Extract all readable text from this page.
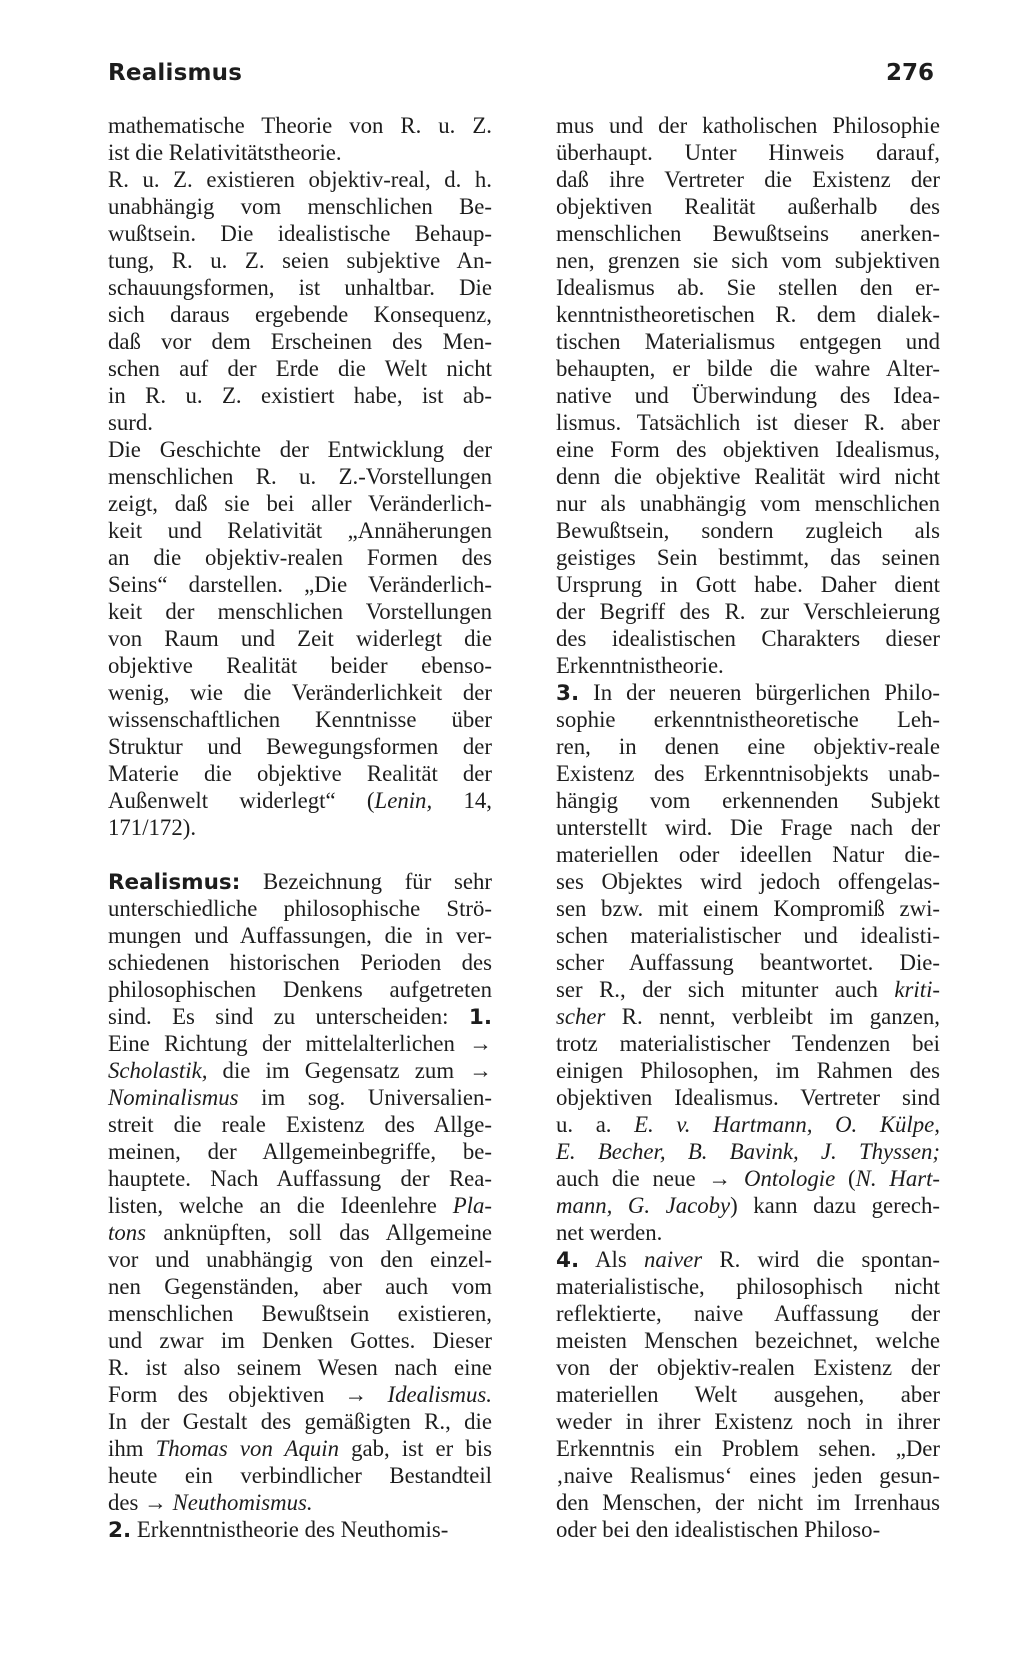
Realismus	276
mathematische Theorie von R. u. Z.
ist die Relativitätstheorie.
R. u. Z. existieren objektiv-real, d. h.
unabhängig vom menschlichen Be-
wußtsein. Die idealistische Behaup-
tung, R. u. Z. seien subjektive An-
schauungsformen, ist unhaltbar. Die
sich daraus ergebende Konsequenz,
daß vor dem Erscheinen des Men-
schen auf der Erde die Welt nicht
in R. u. Z. existiert habe, ist ab-
surd.
Die Geschichte der Entwicklung der
menschlichen R. u. Z.-Vorstellungen
zeigt, daß sie bei aller Veränderlich-
keit und Relativität „Annäherungen
an die objektiv-realen Formen des
Seins“ darstellen. „Die Veränderlich-
keit der menschlichen Vorstellungen
von Raum und Zeit widerlegt die
objektive Realität beider ebenso-
wenig, wie die Veränderlichkeit der
wissenschaftlichen Kenntnisse über
Struktur und Bewegungsformen der
Materie die objektive Realität der
Außenwelt widerlegt“ (Lenin, 14,
171/172).
Realismus: Bezeichnung für sehr
unterschiedliche philosophische Strö-
mungen und Auffassungen, die in ver-
schiedenen historischen Perioden des
philosophischen Denkens aufgetreten
sind. Es sind zu unterscheiden: 1.
Eine Richtung der mittelalterlichen →
Scholastik, die im Gegensatz zum →
Nominalismus im sog. Universalien-
streit die reale Existenz des Allge-
meinen, der Allgemeinbegriffe, be-
hauptete. Nach Auffassung der Rea-
listen, welche an die Ideenlehre Pla-
tons anknüpften, soll das Allgemeine
vor und unabhängig von den einzel-
nen Gegenständen, aber auch vom
menschlichen Bewußtsein existieren,
und zwar im Denken Gottes. Dieser
R. ist also seinem Wesen nach eine
Form des objektiven → Idealismus.
In der Gestalt des gemäßigten R., die
ihm Thomas von Aquin gab, ist er bis
heute ein verbindlicher Bestandteil
des → Neuthomismus.
2. Erkenntnistheorie des Neuthomis-
mus und der katholischen Philosophie
überhaupt. Unter Hinweis darauf,
daß ihre Vertreter die Existenz der
objektiven Realität außerhalb des
menschlichen Bewußtseins anerken-
nen, grenzen sie sich vom subjektiven
Idealismus ab. Sie stellen den er-
kenntnistheoretischen R. dem dialek-
tischen Materialismus entgegen und
behaupten, er bilde die wahre Alter-
native und Überwindung des Idea-
lismus. Tatsächlich ist dieser R. aber
eine Form des objektiven Idealismus,
denn die objektive Realität wird nicht
nur als unabhängig vom menschlichen
Bewußtsein, sondern zugleich als
geistiges Sein bestimmt, das seinen
Ursprung in Gott habe. Daher dient
der Begriff des R. zur Verschleierung
des idealistischen Charakters dieser
Erkenntnistheorie.
3. In der neueren bürgerlichen Philo-
sophie erkenntnistheoretische Leh-
ren, in denen eine objektiv-reale
Existenz des Erkenntnisobjekts unab-
hängig vom erkennenden Subjekt
unterstellt wird. Die Frage nach der
materiellen oder ideellen Natur die-
ses Objektes wird jedoch offengelas-
sen bzw. mit einem Kompromiß zwi-
schen materialistischer und idealisti-
scher Auffassung beantwortet. Die-
ser R., der sich mitunter auch kriti-
scher R. nennt, verbleibt im ganzen,
trotz materialistischer Tendenzen bei
einigen Philosophen, im Rahmen des
objektiven Idealismus. Vertreter sind
u. a. E. v. Hartmann, O. Külpe,
E. Becher, B. Bavink, J. Thyssen;
auch die neue → Ontologie (N. Hart-
mann, G. Jacoby) kann dazu gerech-
net werden.
4. Als naiver R. wird die spontan-
materialistische, philosophisch nicht
reflektierte, naive Auffassung der
meisten Menschen bezeichnet, welche
von der objektiv-realen Existenz der
materiellen Welt ausgehen, aber
weder in ihrer Existenz noch in ihrer
Erkenntnis ein Problem sehen. „Der
‚naive Realismus‘ eines jeden gesun-
den Menschen, der nicht im Irrenhaus
oder bei den idealistischen Philoso-
